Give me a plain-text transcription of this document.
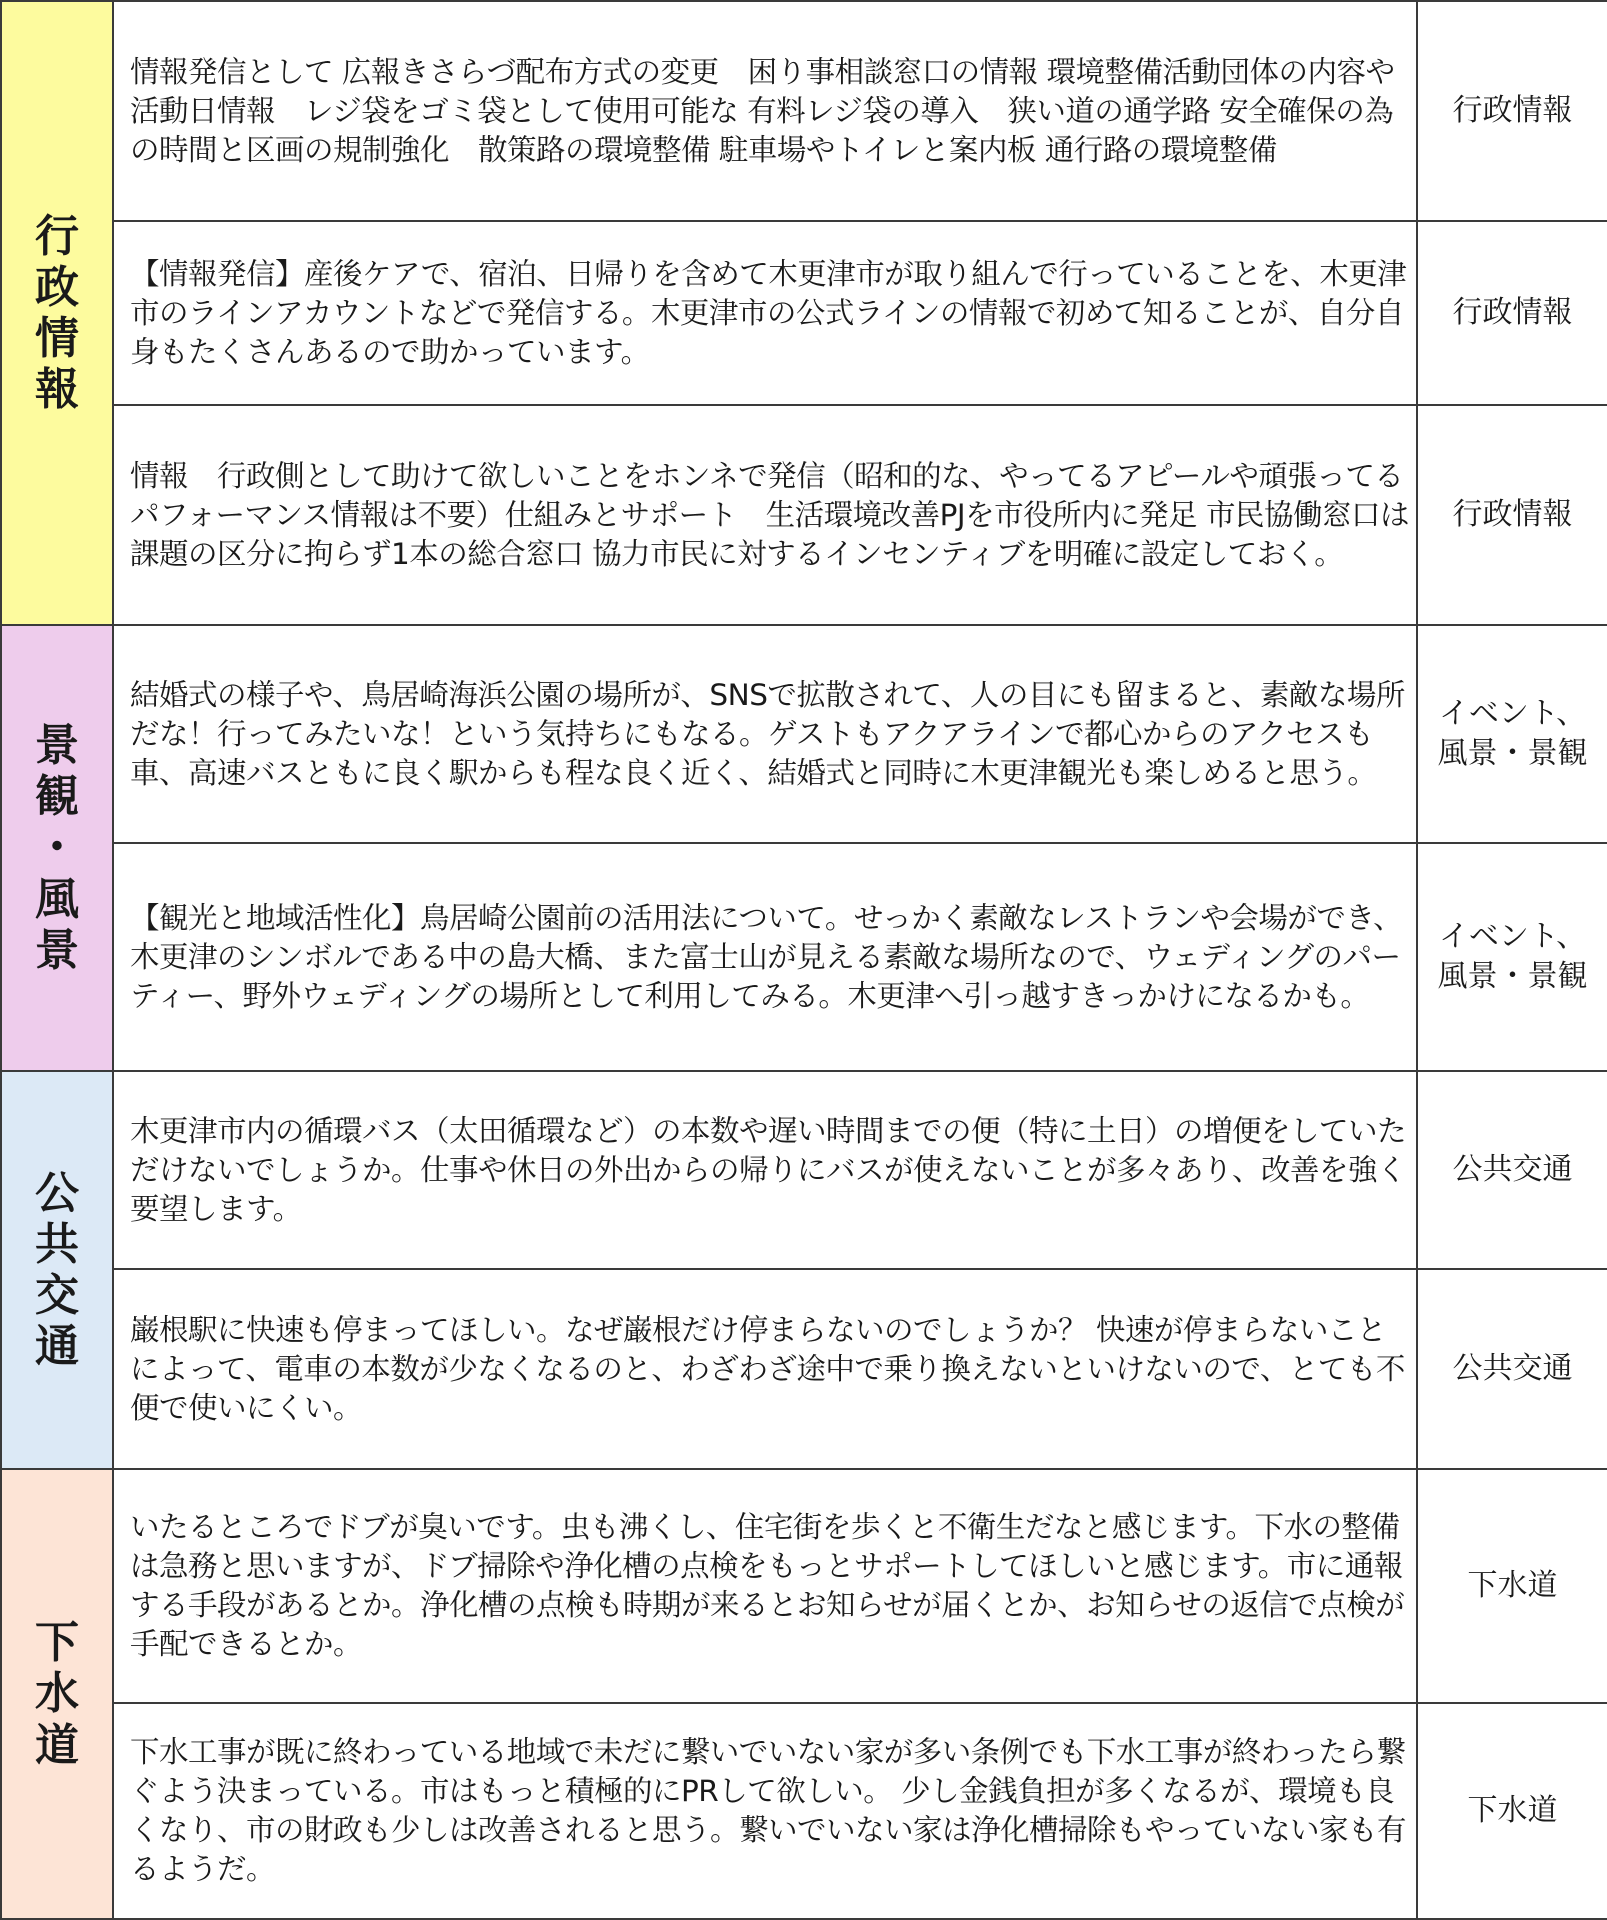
行
政
情
報	情報発信として 広報きさらづ配布方式の変更　困り事相談窓口の情報 環境整備活動団体の内容や活動日情報　レジ袋をゴミ袋として使用可能な 有料レジ袋の導入　狭い道の通学路 安全確保の為の時間と区画の規制強化　散策路の環境整備 駐車場やトイレと案内板 通行路の環境整備	行政情報

	【情報発信】産後ケアで、宿泊、日帰りを含めて木更津市が取り組んで行っていることを、木更津市のラインアカウントなどで発信する。木更津市の公式ラインの情報で初めて知ることが、自分自身もたくさんあるので助かっています。	行政情報

	情報　行政側として助けて欲しいことをホンネで発信（昭和的な、やってるアピールや頑張ってるパフォーマンス情報は不要）仕組みとサポート　生活環境改善PJを市役所内に発足 市民協働窓口は課題の区分に拘らず1本の総合窓口 協力市民に対するインセンティブを明確に設定しておく。	行政情報
景
観
・
風
景	結婚式の様子や、鳥居崎海浜公園の場所が、SNSで拡散されて、人の目にも留まると、素敵な場所だな！行ってみたいな！という気持ちにもなる。ゲストもアクアラインで都心からのアクセスも車、高速バスともに良く駅からも程な良く近く、結婚式と同時に木更津観光も楽しめると思う。	イベント、
風景・景観

	【観光と地域活性化】鳥居崎公園前の活用法について。せっかく素敵なレストランや会場ができ、木更津のシンボルである中の島大橋、また富士山が見える素敵な場所なので、ウェディングのパーティー、野外ウェディングの場所として利用してみる。木更津へ引っ越すきっかけになるかも。	イベント、
風景・景観
公
共
交
通	木更津市内の循環バス（太田循環など）の本数や遅い時間までの便（特に土日）の増便をしていただけないでしょうか。仕事や休日の外出からの帰りにバスが使えないことが多々あり、改善を強く要望します。	公共交通

	巌根駅に快速も停まってほしい。なぜ巌根だけ停まらないのでしょうか？ 快速が停まらないことによって、電車の本数が少なくなるのと、わざわざ途中で乗り換えないといけないので、とても不便で使いにくい。	公共交通
下
水
道	いたるところでドブが臭いです。虫も沸くし、住宅街を歩くと不衛生だなと感じます。下水の整備は急務と思いますが、ドブ掃除や浄化槽の点検をもっとサポートしてほしいと感じます。市に通報する手段があるとか。浄化槽の点検も時期が来るとお知らせが届くとか、お知らせの返信で点検が手配できるとか。	下水道

	下水工事が既に終わっている地域で未だに繋いでいない家が多い条例でも下水工事が終わったら繋ぐよう決まっている。市はもっと積極的にPRして欲しい。 少し金銭負担が多くなるが、環境も良くなり、市の財政も少しは改善されると思う。繋いでいない家は浄化槽掃除もやっていない家も有るようだ。	下水道
